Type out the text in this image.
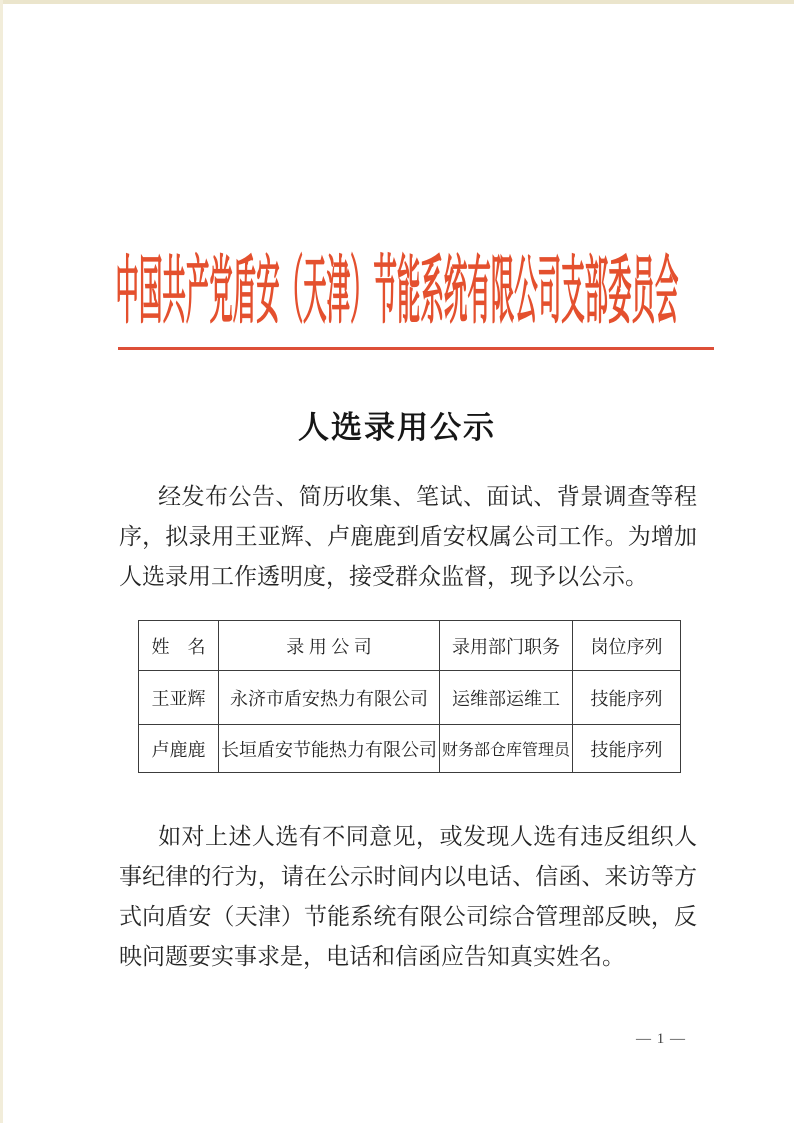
中国共产党盾安（天津）节能系统有限公司支部委员会
人选录用公示
经发布公告、简历收集、笔试、面试、背景调查等程序，拟录用王亚辉、卢鹿鹿到盾安权属公司工作。为增加人选录用工作透明度，接受群众监督，现予以公示。
姓　名	录 用 公 司	录用部门职务	岗位序列
王亚辉	永济市盾安热力有限公司	运维部运维工	技能序列
卢鹿鹿	长垣盾安节能热力有限公司	财务部仓库管理员	技能序列
如对上述人选有不同意见，或发现人选有违反组织人事纪律的行为，请在公示时间内以电话、信函、来访等方式向盾安（天津）节能系统有限公司综合管理部反映，反映问题要实事求是，电话和信函应告知真实姓名。
— 1 —
